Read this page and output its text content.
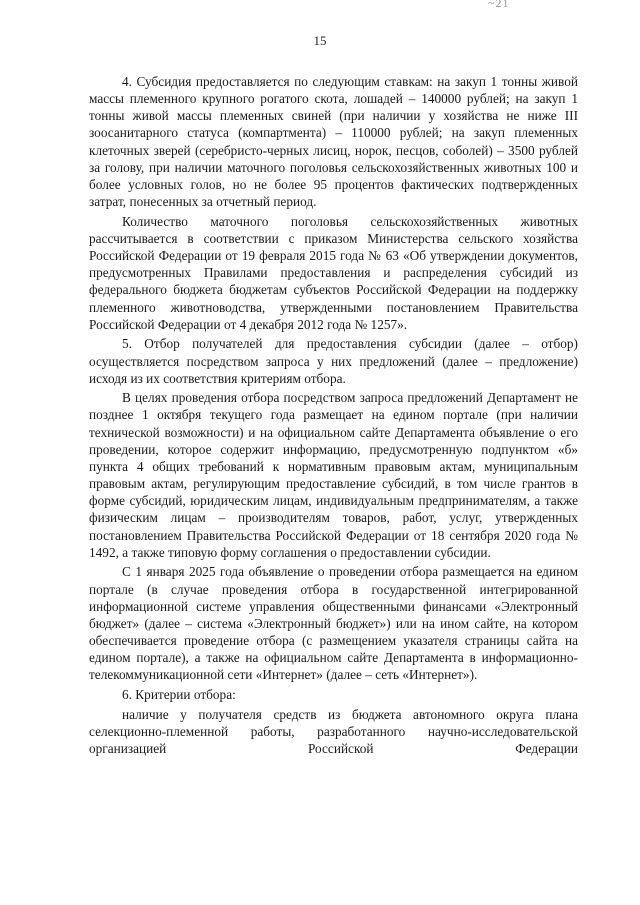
~21
15

4. Субсидия предоставляется по следующим ставкам: на закуп 1 тонны живой массы племенного крупного рогатого скота, лошадей – 140000 рублей; на закуп 1 тонны живой массы племенных свиней (при наличии у хозяйства не ниже III зоосанитарного статуса (компартмента) – 110000 рублей; на закуп племенных клеточных зверей (серебристо-черных лисиц, норок, песцов, соболей) – 3500 рублей за голову, при наличии маточного поголовья сельскохозяйственных животных 100 и более условных голов, но не более 95 процентов фактических подтвержденных затрат, понесенных за отчетный период.

Количество маточного поголовья сельскохозяйственных животных рассчитывается в соответствии с приказом Министерства сельского хозяйства Российской Федерации от 19 февраля 2015 года № 63 «Об утверждении документов, предусмотренных Правилами предоставления и распределения субсидий из федерального бюджета бюджетам субъектов Российской Федерации на поддержку племенного животноводства, утвержденными постановлением Правительства Российской Федерации от 4 декабря 2012 года № 1257».

5. Отбор получателей для предоставления субсидии (далее – отбор) осуществляется посредством запроса у них предложений (далее – предложение) исходя из их соответствия критериям отбора.

В целях проведения отбора посредством запроса предложений Департамент не позднее 1 октября текущего года размещает на едином портале (при наличии технической возможности) и на официальном сайте Департамента объявление о его проведении, которое содержит информацию, предусмотренную подпунктом «б» пункта 4 общих требований к нормативным правовым актам, муниципальным правовым актам, регулирующим предоставление субсидий, в том числе грантов в форме субсидий, юридическим лицам, индивидуальным предпринимателям, а также физическим лицам – производителям товаров, работ, услуг, утвержденных постановлением Правительства Российской Федерации от 18 сентября 2020 года № 1492, а также типовую форму соглашения о предоставлении субсидии.

С 1 января 2025 года объявление о проведении отбора размещается на едином портале (в случае проведения отбора в государственной интегрированной информационной системе управления общественными финансами «Электронный бюджет» (далее – система «Электронный бюджет») или на ином сайте, на котором обеспечивается проведение отбора (с размещением указателя страницы сайта на едином портале), а также на официальном сайте Департамента в информационно-телекоммуникационной сети «Интернет» (далее – сеть «Интернет»).

6. Критерии отбора:

наличие у получателя средств из бюджета автономного округа плана селекционно-племенной работы, разработанного научно-исследовательской организацией Российской Федерации
